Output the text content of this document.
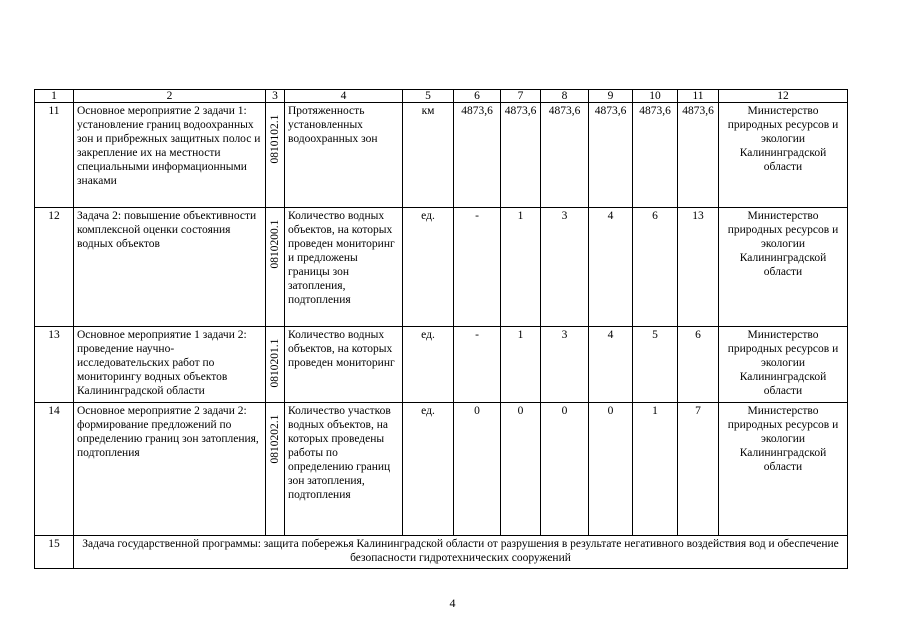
1	2	3	4	5	6	7	8	9	10	11	12
11	Основное мероприятие 2 задачи 1: установление границ водоохранных зон и прибрежных защитных полос и закрепление их на местности специальными информационными знаками	0810102.1	Протяженность установленных водоохранных зон	км	4873,6	4873,6	4873,6	4873,6	4873,6	4873,6	Министерство природных ресурсов и экологии Калининградской области
12	Задача 2: повышение объективности комплексной оценки состояния водных объектов	0810200.1	Количество водных объектов, на которых проведен мониторинг и предложены границы зон затопления, подтопления	ед.	-	1	3	4	6	13	Министерство природных ресурсов и экологии Калининградской области
13	Основное мероприятие 1 задачи 2: проведение научно-исследовательских работ по мониторингу водных объектов Калининградской области	0810201.1	Количество водных объектов, на которых проведен мониторинг	ед.	-	1	3	4	5	6	Министерство природных ресурсов и экологии Калининградской области
14	Основное мероприятие 2 задачи 2: формирование предложений по определению границ зон затопления, подтопления	0810202.1	Количество участков водных объектов, на которых проведены работы по определению границ зон затопления, подтопления	ед.	0	0	0	0	1	7	Министерство природных ресурсов и экологии Калининградской области
15	Задача государственной программы: защита побережья Калининградской области от разрушения в результате негативного воздействия вод и обеспечение безопасности гидротехнических сооружений										
4
